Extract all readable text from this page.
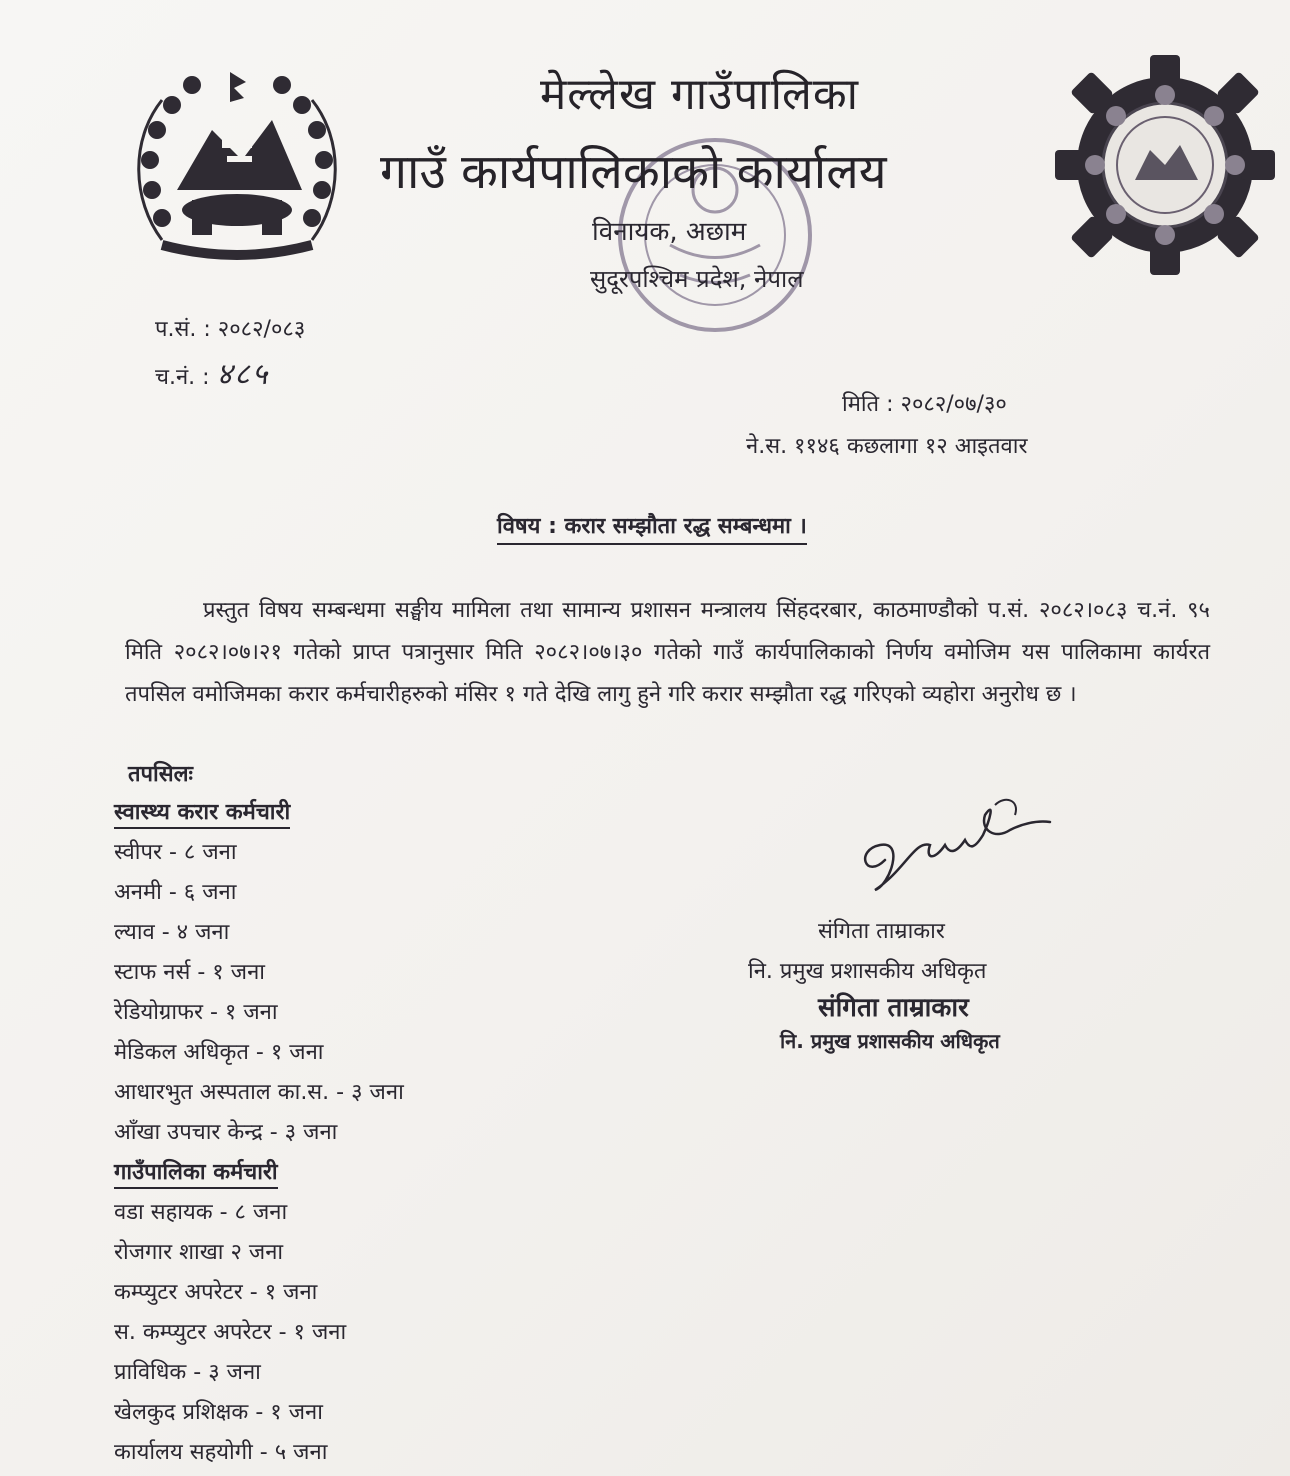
मेल्लेख गाउँपालिका
गाउँ कार्यपालिकाको कार्यालय
विनायक, अछाम
सुदूरपश्चिम प्रदेश, नेपाल
प.सं. : २०८२/०८३
च.नं. : ४८५
मिति : २०८२/०७/३०
ने.स. ११४६ कछलागा १२ आइतवार
विषय : करार सम्झौता रद्ध सम्बन्धमा ।
प्रस्तुत विषय सम्बन्धमा सङ्घीय मामिला तथा सामान्य प्रशासन मन्त्रालय सिंहदरबार, काठमाण्डौको प.सं. २०८२।०८३ च.नं. ९५ मिति २०८२।०७।२१ गतेको प्राप्त पत्रानुसार मिति २०८२।०७।३० गतेको गाउँ कार्यपालिकाको निर्णय वमोजिम यस पालिकामा कार्यरत तपसिल वमोजिमका करार कर्मचारीहरुको मंसिर १ गते देखि लागु हुने गरि करार सम्झौता रद्ध गरिएको व्यहोरा अनुरोध छ ।
तपसिलः
स्वास्थ्य करार कर्मचारी
स्वीपर - ८ जना
अनमी - ६ जना
ल्याव - ४ जना
स्टाफ नर्स - १ जना
रेडियोग्राफर - १ जना
मेडिकल अधिकृत - १ जना
आधारभुत अस्पताल का.स. - ३ जना
आँखा उपचार केन्द्र - ३ जना
गाउँपालिका कर्मचारी
वडा सहायक - ८ जना
रोजगार शाखा २ जना
कम्प्युटर अपरेटर - १ जना
स. कम्प्युटर अपरेटर - १ जना
प्राविधिक - ३ जना
खेलकुद प्रशिक्षक - १ जना
कार्यालय सहयोगी - ५ जना
संगिता ताम्राकार
नि. प्रमुख प्रशासकीय अधिकृत
संगिता ताम्राकार
नि. प्रमुख प्रशासकीय अधिकृत
